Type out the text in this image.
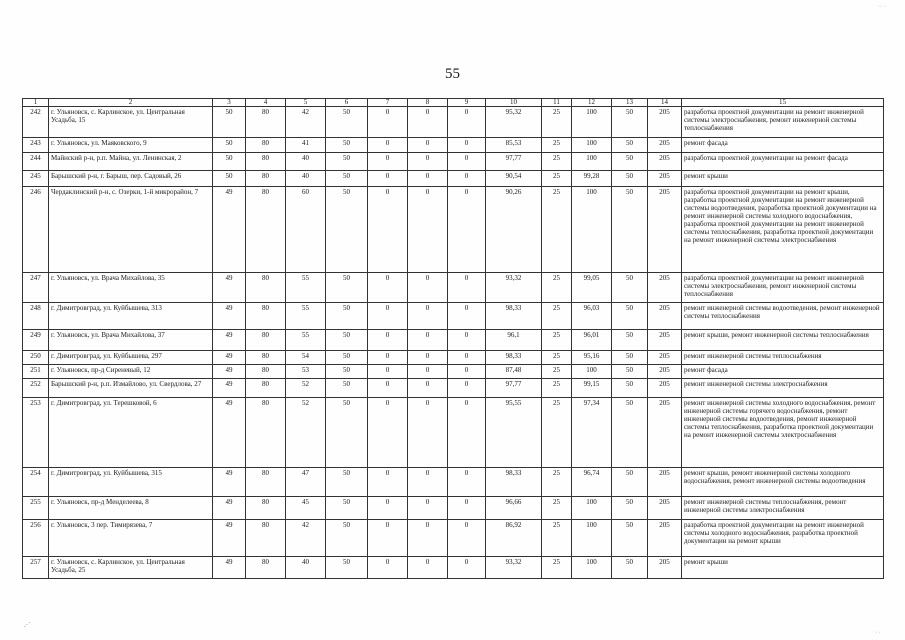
55
1	2	3	4	5	6	7	8	9	10	11	12	13	14	15
242	г. Ульяновск, с. Карлинское, ул. Центральная Усадьба, 15	50	80	42	50	0	0	0	95,32	25	100	50	205	разработка проектной документации на ремонт инженерной системы электроснабжения, ремонт инженерной системы теплоснабжения
243	г. Ульяновск, ул. Маяковского, 9	50	80	41	50	0	0	0	85,53	25	100	50	205	ремонт фасада
244	Майнский р-н, р.п. Майна, ул. Ленинская, 2	50	80	40	50	0	0	0	97,77	25	100	50	205	разработка проектной документации на ремонт фасада
245	Барышский р-н, г. Барыш, пер. Садовый, 26	50	80	40	50	0	0	0	90,54	25	99,28	50	205	ремонт крыши
246	Чердаклинский р-н, с. Озерки, 1-й микрорайон, 7	49	80	60	50	0	0	0	90,26	25	100	50	205	разработка проектной документации на ремонт крыши, разработка проектной документации на ремонт инженерной системы водоотведения, разработка проектной документации на ремонт инженерной системы холодного водоснабжения, разработка проектной документации на ремонт инженерной системы теплоснабжения, разработка проектной документации на ремонт инженерной системы электроснабжения
247	г. Ульяновск, ул. Врача Михайлова, 35	49	80	55	50	0	0	0	93,32	25	99,05	50	205	разработка проектной документации на ремонт инженерной системы электроснабжения, ремонт инженерной системы теплоснабжения
248	г. Димитровград, ул. Куйбышева, 313	49	80	55	50	0	0	0	98,33	25	96,03	50	205	ремонт инженерной системы водоотведения, ремонт инженерной системы теплоснабжения
249	г. Ульяновск, ул. Врача Михайлова, 37	49	80	55	50	0	0	0	96,1	25	96,01	50	205	ремонт крыши, ремонт инженерной системы теплоснабжения
250	г. Димитровград, ул. Куйбышева, 297	49	80	54	50	0	0	0	98,33	25	95,16	50	205	ремонт инженерной системы теплоснабжения
251	г. Ульяновск, пр-д Сиреневый, 12	49	80	53	50	0	0	0	87,48	25	100	50	205	ремонт фасада
252	Барышский р-н, р.п. Измайлово, ул. Свердлова, 27	49	80	52	50	0	0	0	97,77	25	99,15	50	205	ремонт инженерной системы электроснабжения
253	г. Димитровград, ул. Терешковой, 6	49	80	52	50	0	0	0	95,55	25	97,34	50	205	ремонт инженерной системы холодного водоснабжения, ремонт инженерной системы горячего водоснабжения, ремонт инженерной системы водоотведения, ремонт инженерной системы теплоснабжения, разработка проектной документации на ремонт инженерной системы электроснабжения
254	г. Димитровград, ул. Куйбышева, 315	49	80	47	50	0	0	0	98,33	25	96,74	50	205	ремонт крыши, ремонт инженерной системы холодного водоснабжения, ремонт инженерной системы водоотведения
255	г. Ульяновск, пр-д Менделеева, 8	49	80	45	50	0	0	0	96,66	25	100	50	205	ремонт инженерной системы теплоснабжения, ремонт инженерной системы электроснабжения
256	г. Ульяновск, 3 пер. Тимирязева, 7	49	80	42	50	0	0	0	86,92	25	100	50	205	разработка проектной документации на ремонт инженерной системы холодного водоснабжения, разработка проектной документации на ремонт крыши
257	г. Ульяновск, с. Карлинское, ул. Центральная Усадьба, 25	49	80	40	50	0	0	0	93,32	25	100	50	205	ремонт крыши
.·´
·· ·
· ·
